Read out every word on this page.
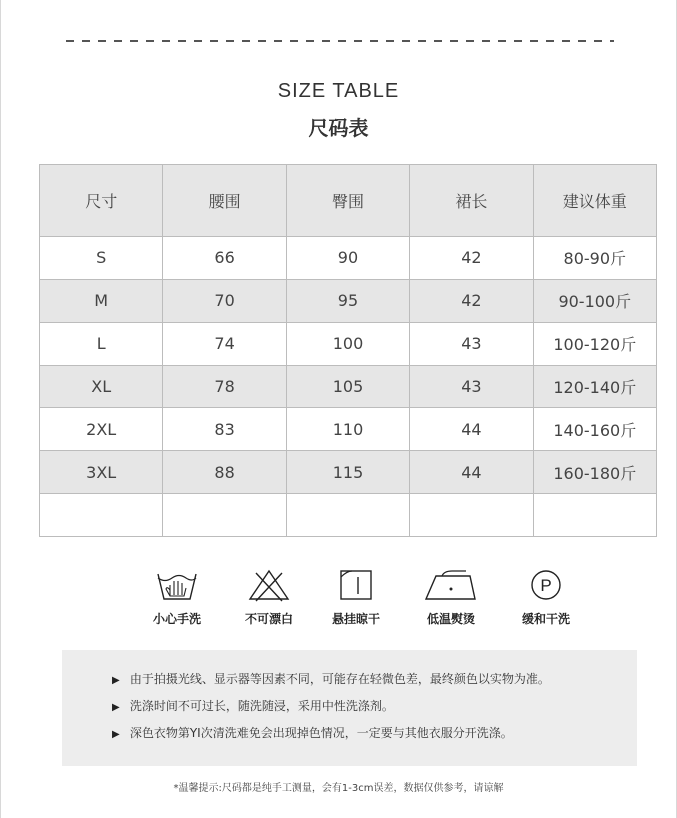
SIZE TABLE
尺码表
尺寸	腰围	臀围	裙长	建议体重
S	66	90	42	80-90斤
M	70	95	42	90-100斤
L	74	100	43	100-120斤
XL	78	105	43	120-140斤
2XL	83	110	44	140-160斤
3XL	88	115	44	160-180斤

小心手洗	不可漂白	悬挂晾干	低温熨烫
P
缓和干洗
▶ 由于拍摄光线、显示器等因素不同，可能存在轻微色差，最终颜色以实物为准。
▶ 洗涤时间不可过长，随洗随浸，采用中性洗涤剂。
▶ 深色衣物第YI次清洗难免会出现掉色情况，一定要与其他衣服分开洗涤。
*温馨提示:尺码都是纯手工测量，会有1-3cm误差，数据仅供参考，请谅解
